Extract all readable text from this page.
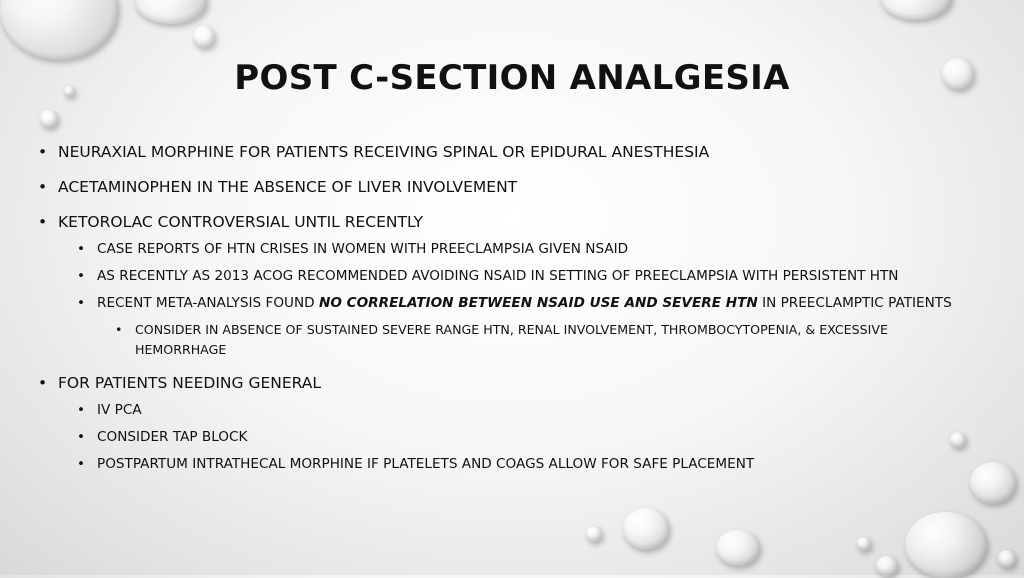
POST C-SECTION ANALGESIA
• NEURAXIAL MORPHINE FOR PATIENTS RECEIVING SPINAL OR EPIDURAL ANESTHESIA
• ACETAMINOPHEN IN THE ABSENCE OF LIVER INVOLVEMENT
• KETOROLAC CONTROVERSIAL UNTIL RECENTLY
• CASE REPORTS OF HTN CRISES IN WOMEN WITH PREECLAMPSIA GIVEN NSAID
• AS RECENTLY AS 2013 ACOG RECOMMENDED AVOIDING NSAID IN SETTING OF PREECLAMPSIA WITH PERSISTENT HTN
• RECENT META-ANALYSIS FOUND NO CORRELATION BETWEEN NSAID USE AND SEVERE HTN IN PREECLAMPTIC PATIENTS
• CONSIDER IN ABSENCE OF SUSTAINED SEVERE RANGE HTN, RENAL INVOLVEMENT, THROMBOCYTOPENIA, & EXCESSIVE HEMORRHAGE
• FOR PATIENTS NEEDING GENERAL
• IV PCA
• CONSIDER TAP BLOCK
• POSTPARTUM INTRATHECAL MORPHINE IF PLATELETS AND COAGS ALLOW FOR SAFE PLACEMENT
